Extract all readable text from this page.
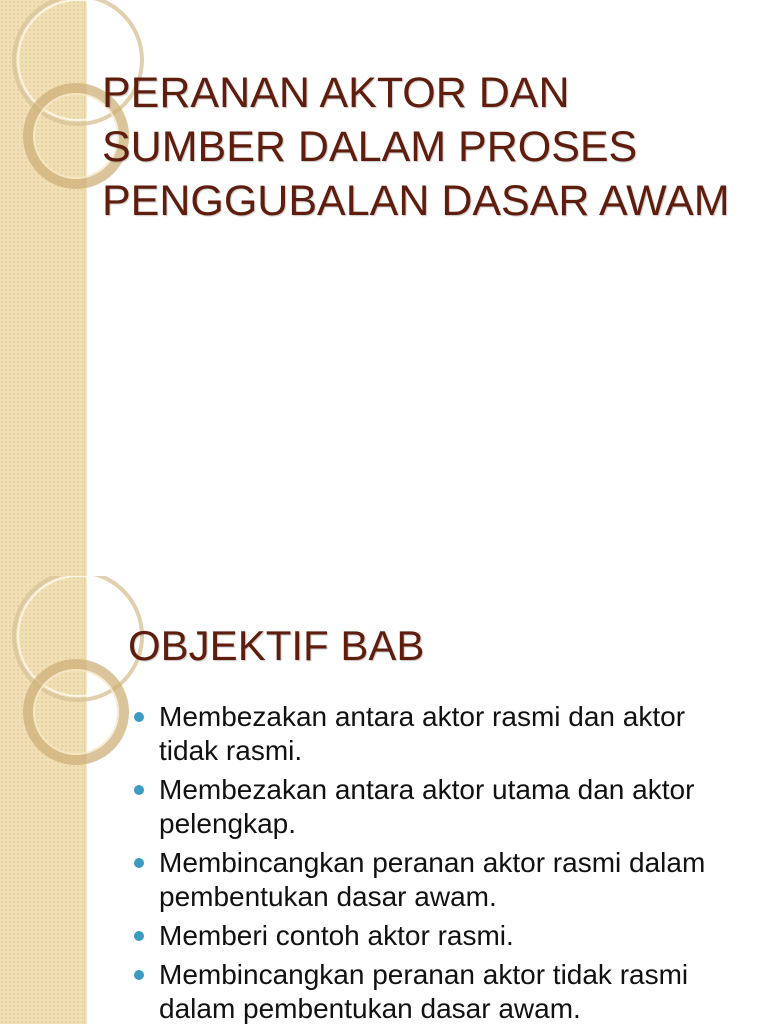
PERANAN AKTOR DAN SUMBER DALAM PROSES PENGGUBALAN DASAR AWAM
OBJEKTIF BAB
Membezakan antara aktor rasmi dan aktor tidak rasmi.
Membezakan antara aktor utama dan aktor pelengkap.
Membincangkan peranan aktor rasmi dalam pembentukan dasar awam.
Memberi contoh aktor rasmi.
Membincangkan peranan aktor tidak rasmi dalam pembentukan dasar awam.
